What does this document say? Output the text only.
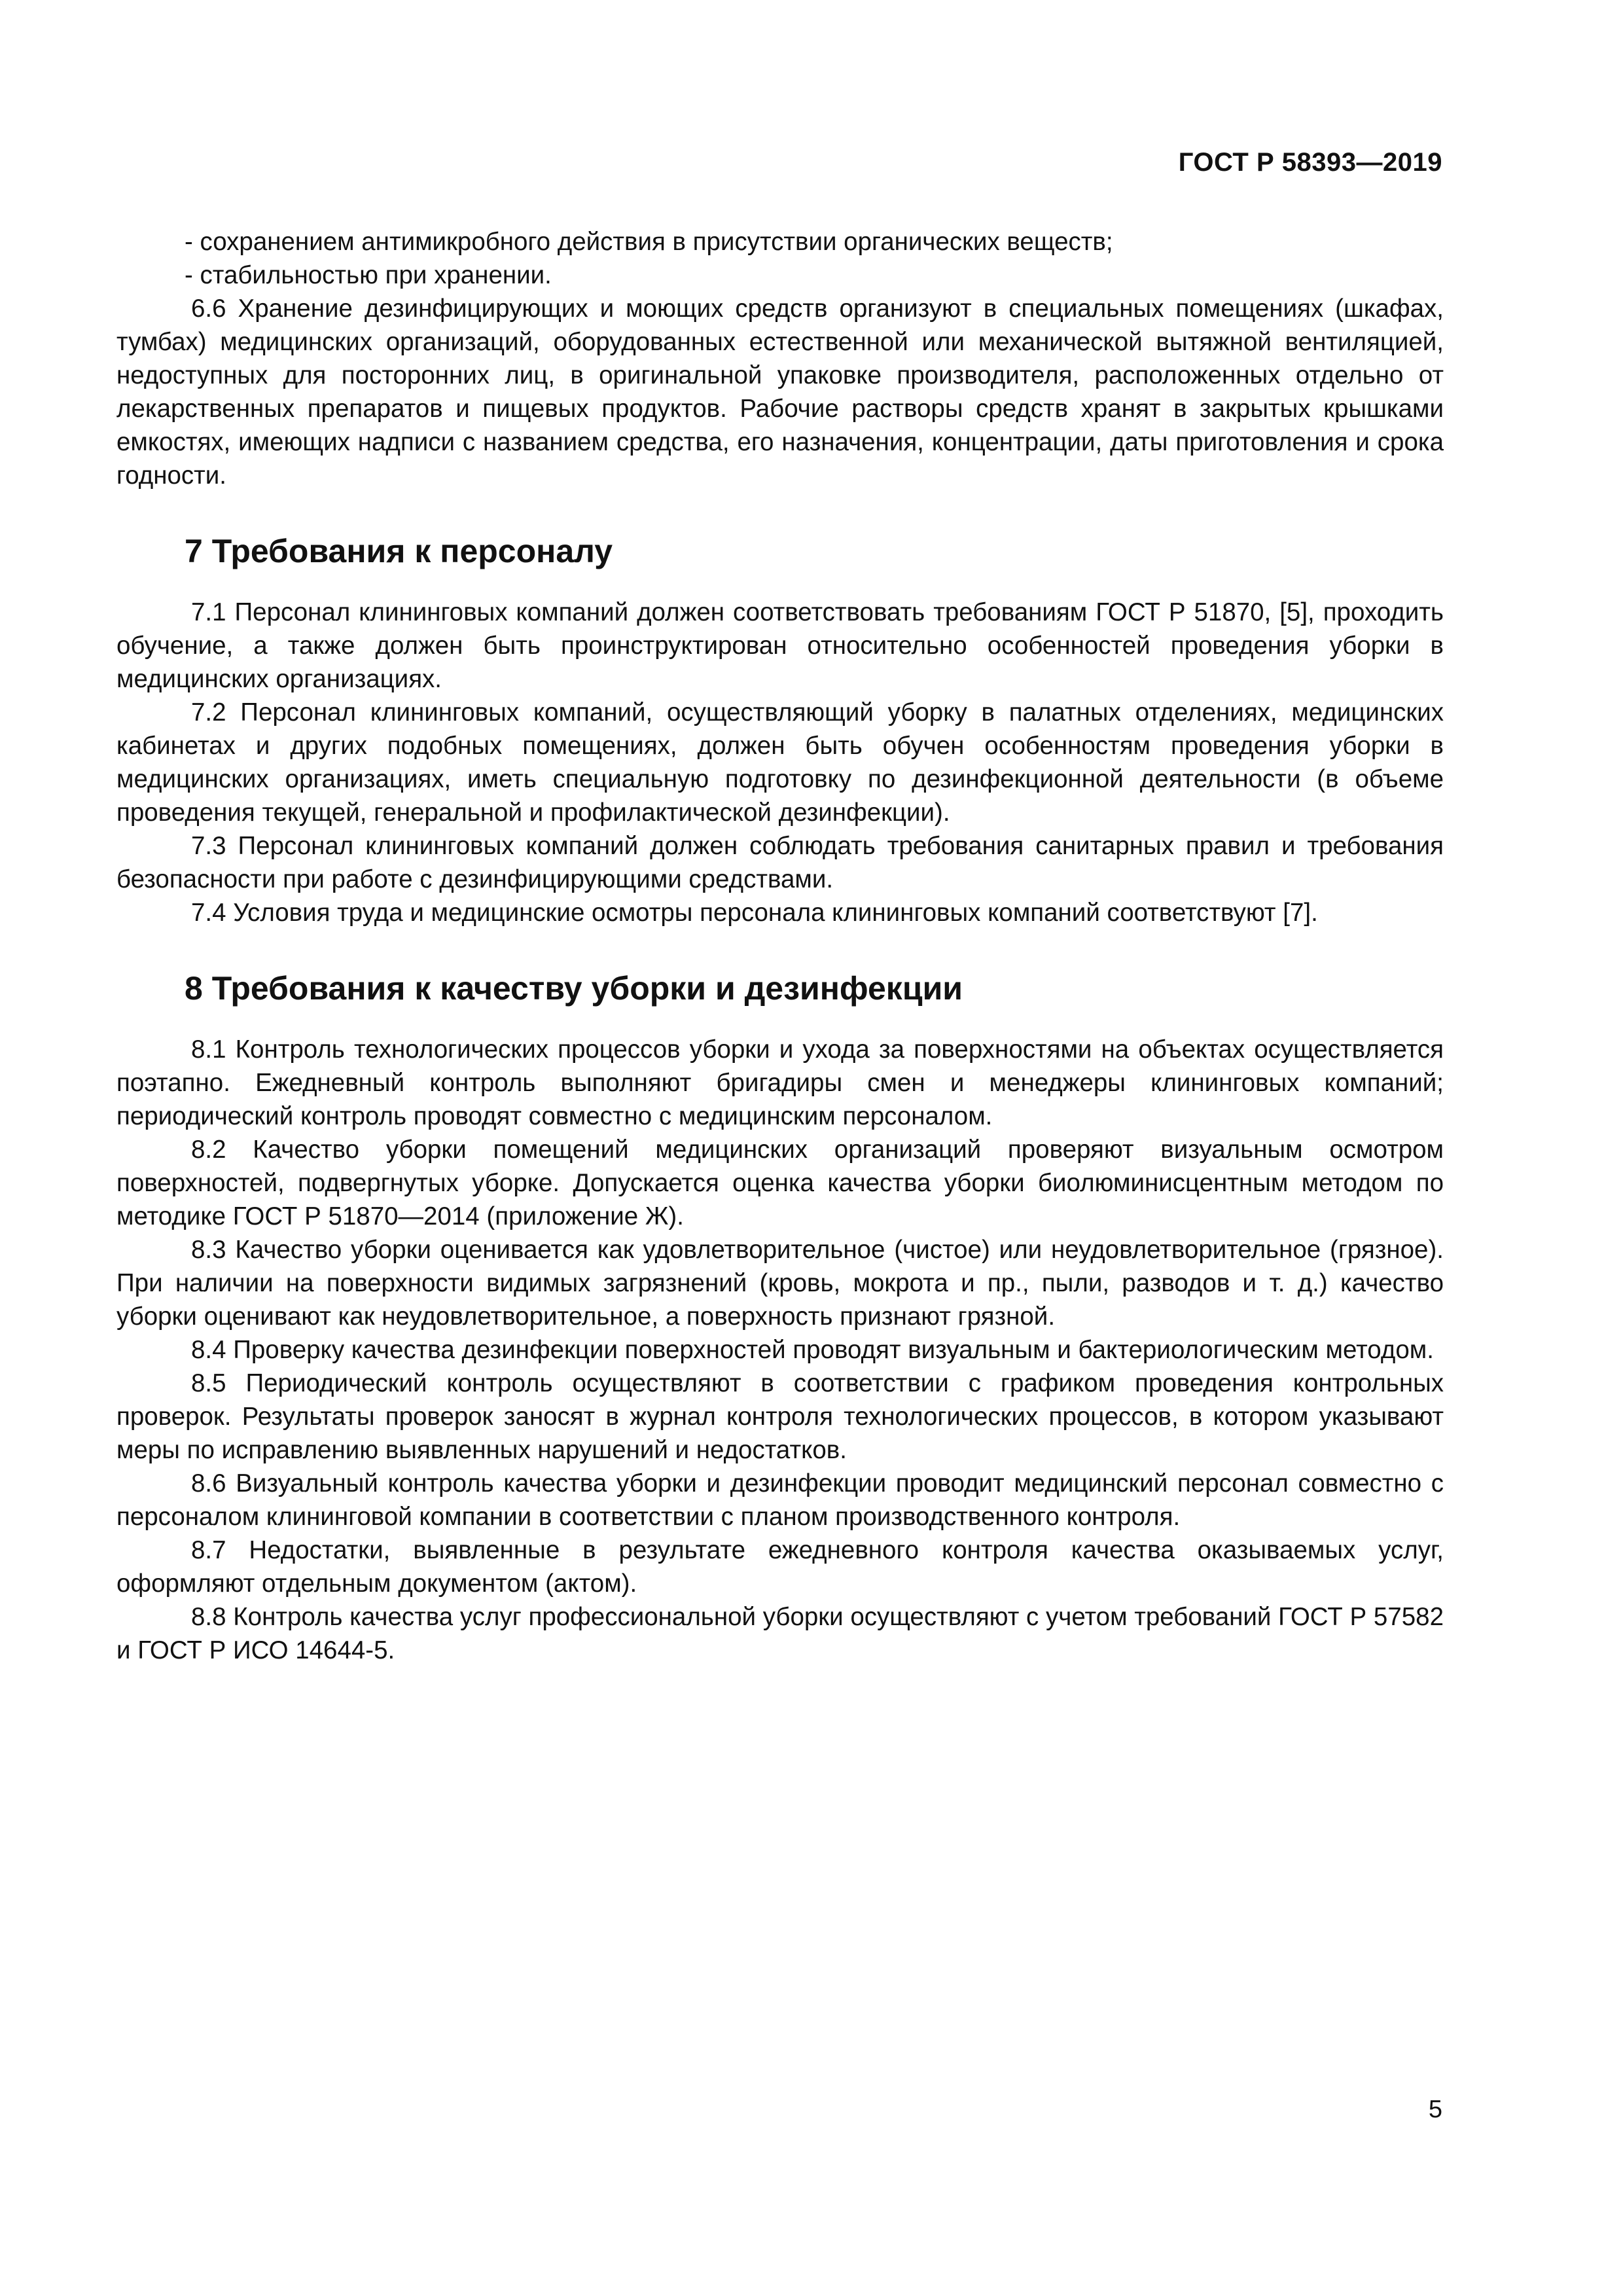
ГОСТ Р 58393—2019

- сохранением антимикробного действия в присутствии органических веществ;

- стабильностью при хранении.

6.6 Хранение дезинфицирующих и моющих средств организуют в специальных помещениях (шкафах, тумбах) медицинских организаций, оборудованных естественной или механической вытяжной вентиляцией, недоступных для посторонних лиц, в оригинальной упаковке производителя, расположенных отдельно от лекарственных препаратов и пищевых продуктов. Рабочие растворы средств хранят в закрытых крышками емкостях, имеющих надписи с названием средства, его назначения, концентрации, даты приготовления и срока годности.

7 Требования к персоналу

7.1 Персонал клининговых компаний должен соответствовать требованиям ГОСТ Р 51870, [5], проходить обучение, а также должен быть проинструктирован относительно особенностей проведения уборки в медицинских организациях.

7.2 Персонал клининговых компаний, осуществляющий уборку в палатных отделениях, медицинских кабинетах и других подобных помещениях, должен быть обучен особенностям проведения уборки в медицинских организациях, иметь специальную подготовку по дезинфекционной деятельности (в объеме проведения текущей, генеральной и профилактической дезинфекции).

7.3 Персонал клининговых компаний должен соблюдать требования санитарных правил и требования безопасности при работе с дезинфицирующими средствами.

7.4 Условия труда и медицинские осмотры персонала клининговых компаний соответствуют [7].

8 Требования к качеству уборки и дезинфекции

8.1 Контроль технологических процессов уборки и ухода за поверхностями на объектах осуществляется поэтапно. Ежедневный контроль выполняют бригадиры смен и менеджеры клининговых компаний; периодический контроль проводят совместно с медицинским персоналом.

8.2 Качество уборки помещений медицинских организаций проверяют визуальным осмотром поверхностей, подвергнутых уборке. Допускается оценка качества уборки биолюминисцентным методом по методике ГОСТ Р 51870—2014 (приложение Ж).

8.3 Качество уборки оценивается как удовлетворительное (чистое) или неудовлетворительное (грязное). При наличии на поверхности видимых загрязнений (кровь, мокрота и пр., пыли, разводов и т. д.) качество уборки оценивают как неудовлетворительное, а поверхность признают грязной.

8.4 Проверку качества дезинфекции поверхностей проводят визуальным и бактериологическим методом.

8.5 Периодический контроль осуществляют в соответствии с графиком проведения контрольных проверок. Результаты проверок заносят в журнал контроля технологических процессов, в котором указывают меры по исправлению выявленных нарушений и недостатков.

8.6 Визуальный контроль качества уборки и дезинфекции проводит медицинский персонал совместно с персоналом клининговой компании в соответствии с планом производственного контроля.

8.7 Недостатки, выявленные в результате ежедневного контроля качества оказываемых услуг, оформляют отдельным документом (актом).

8.8 Контроль качества услуг профессиональной уборки осуществляют с учетом требований ГОСТ Р 57582 и ГОСТ Р ИСО 14644-5.

5
